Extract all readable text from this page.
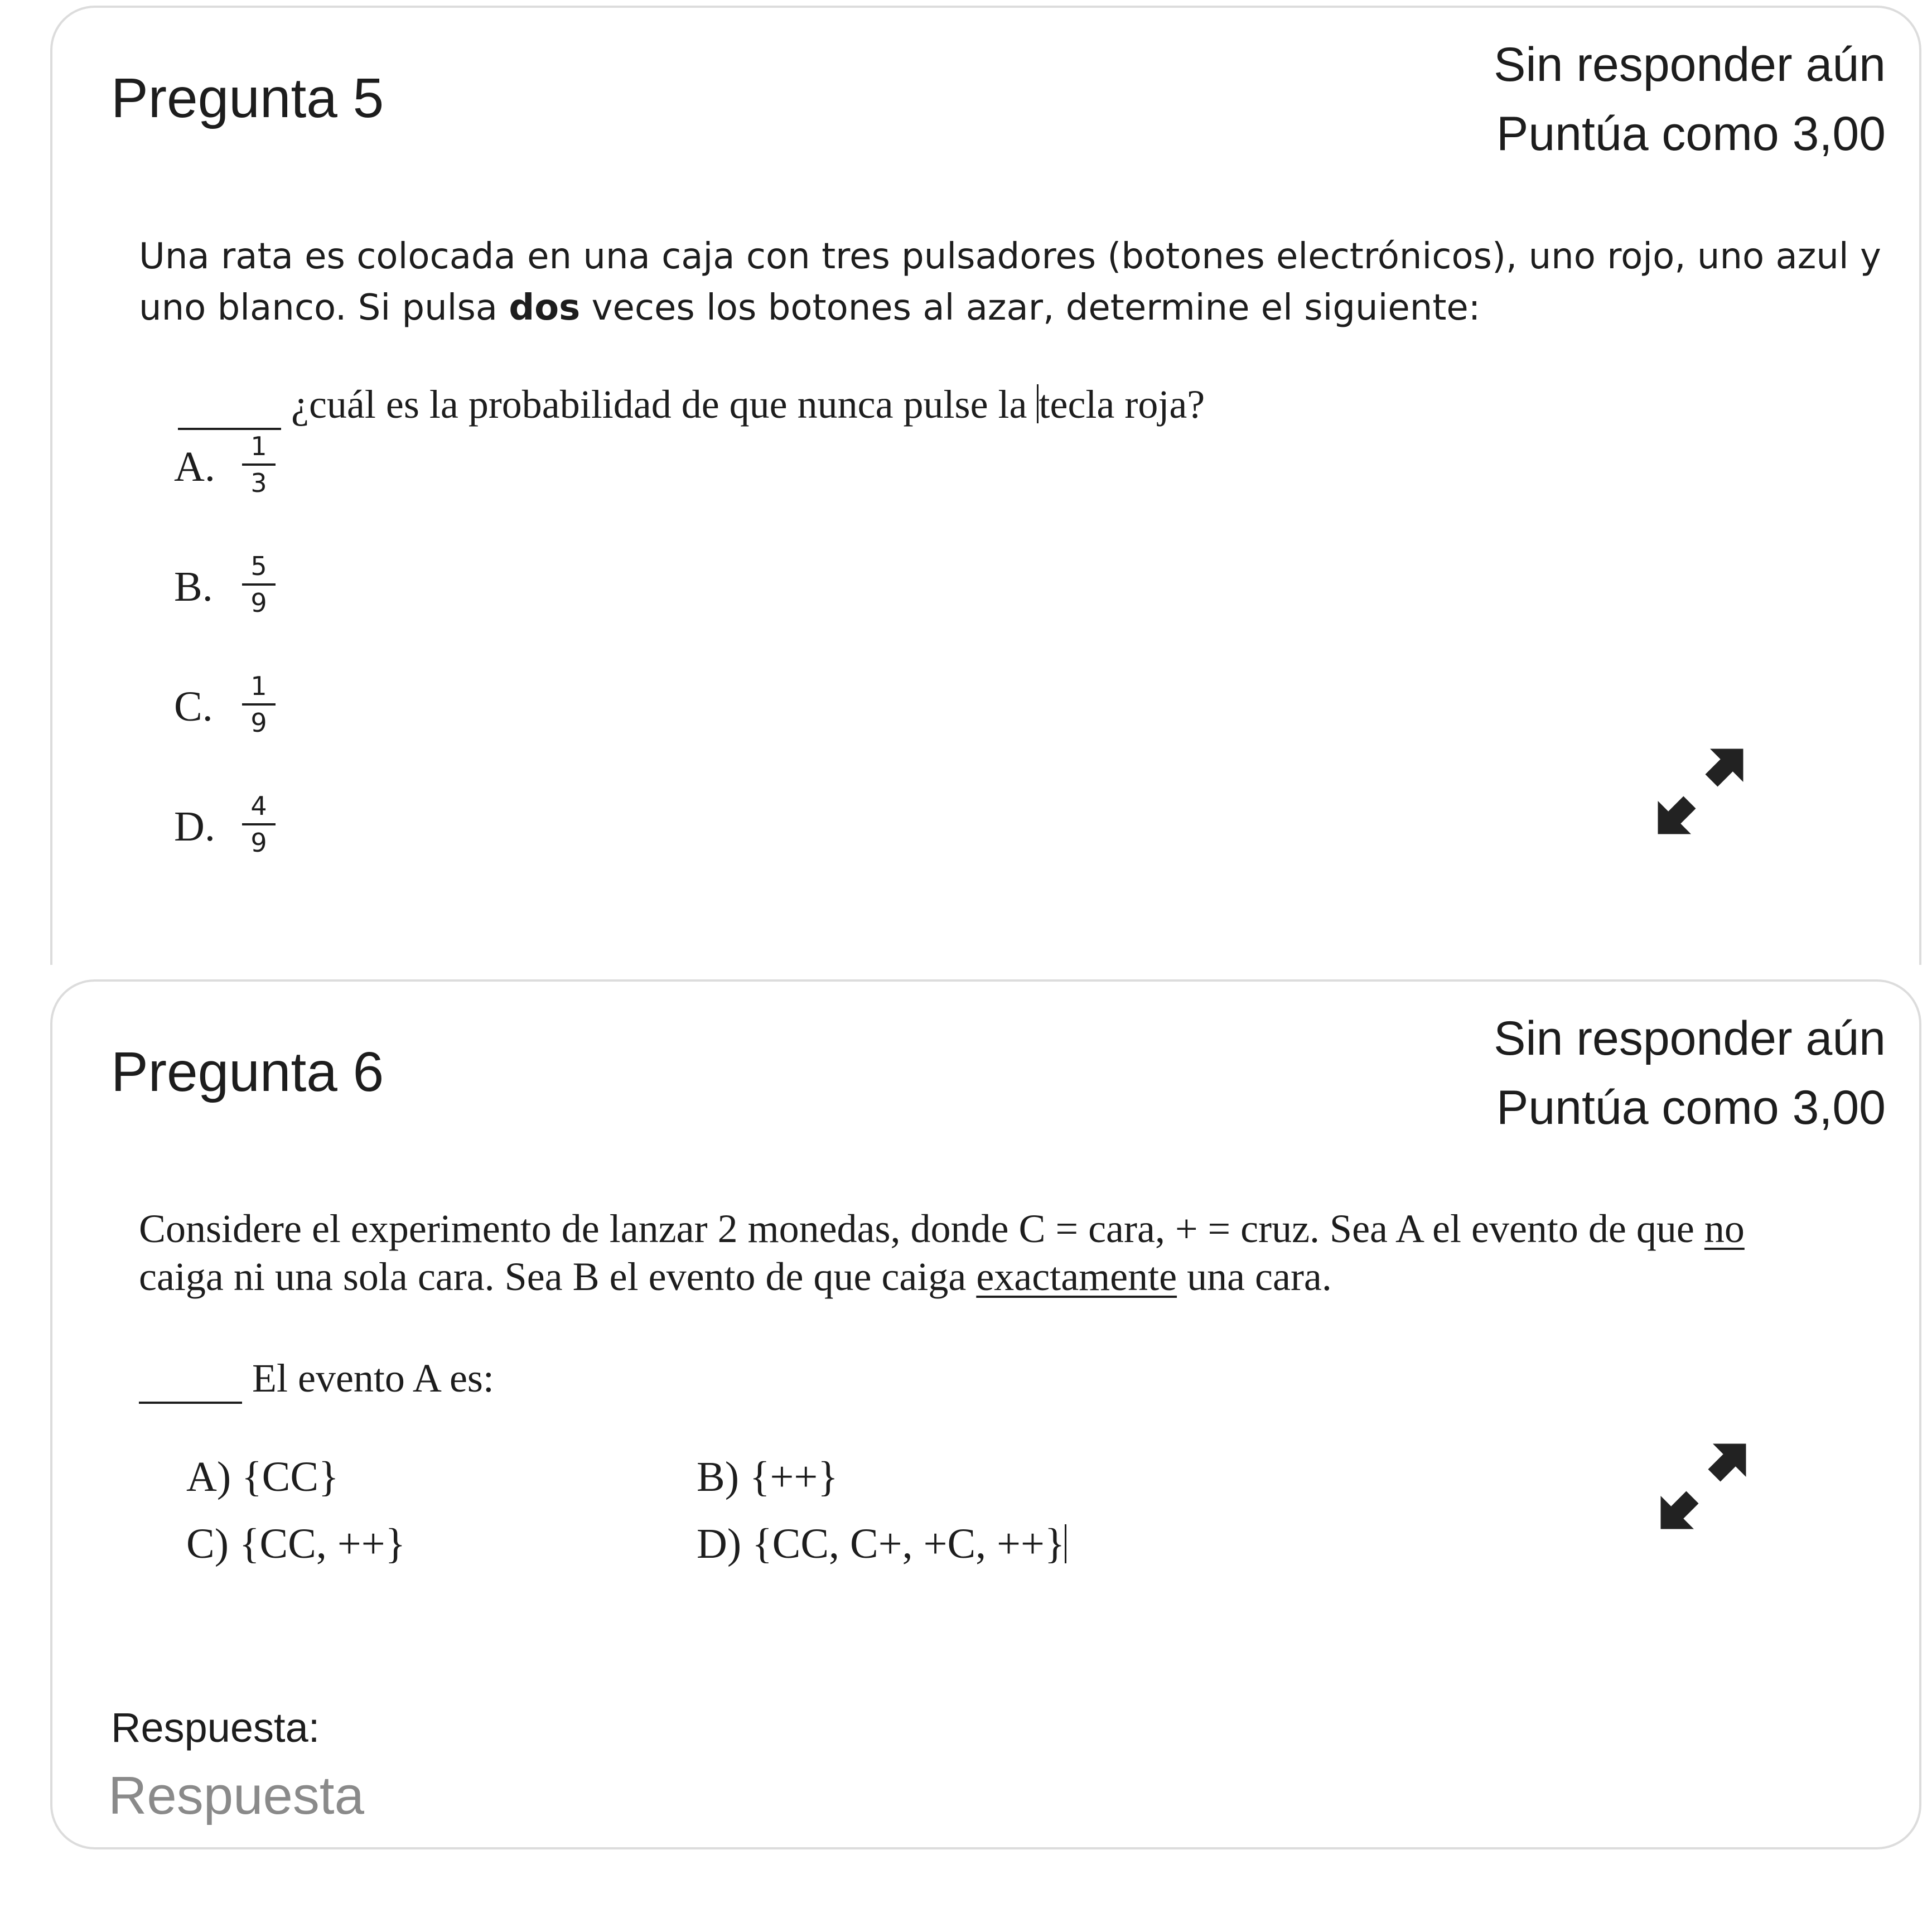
Pregunta 5
Sin responder aún
Puntúa como 3,00
Una rata es colocada en una caja con tres pulsadores (botones electrónicos), uno rojo, uno azul y
uno blanco. Si pulsa dos veces los botones al azar, determine el siguiente:
¿cuál es la probabilidad de que nunca pulse la tecla roja?
A. $\frac{1}{3}$
B. $\frac{5}{9}$
C. $\frac{1}{9}$
D. $\frac{4}{9}$
Pregunta 6
Sin responder aún
Puntúa como 3,00
Considere el experimento de lanzar 2 monedas, donde C = cara, + = cruz. Sea A el evento de que no
caiga ni una sola cara. Sea B el evento de que caiga exactamente una cara.
El evento A es:
A) {CC}	B) {++}
C) {CC, ++}	D) {CC, C+, +C, ++}
Respuesta:
Respuesta
